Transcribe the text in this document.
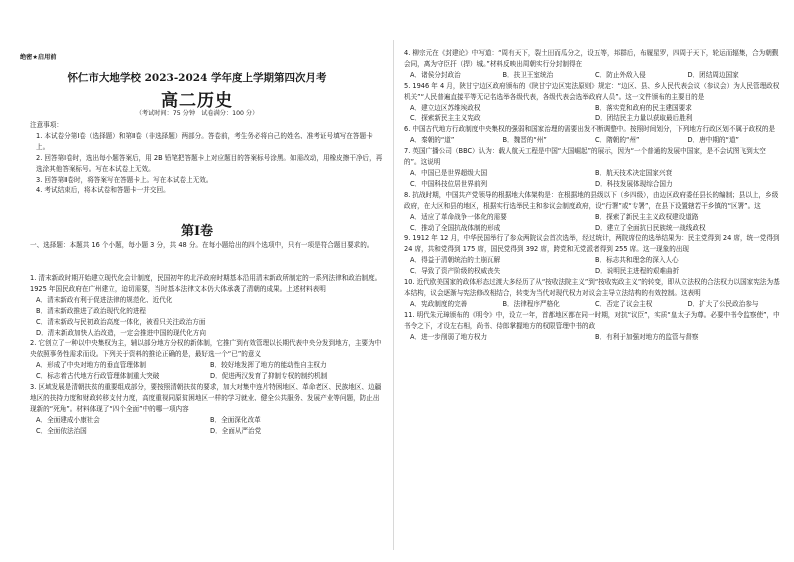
绝密★启用前
怀仁市大地学校 2023-2024 学年度上学期第四次月考
高二历史
（考试时间：75 分钟　试卷满分：100 分）

注意事项：

1. 本试卷分第Ⅰ卷（选择题）和第Ⅱ卷（非选择题）两部分。答卷前，考生务必将自己的姓名、准考证号填写在答题卡上。

2. 回答第Ⅰ卷时，选出每小题答案后，用 2B 铅笔把答题卡上对应题目的答案标号涂黑。如需改动，用橡皮擦干净后，再选涂其他答案标号。写在本试卷上无效。

3. 回答第Ⅱ卷时，将答案写在答题卡上。写在本试卷上无效。

4. 考试结束后，将本试卷和答题卡一并交回。

第Ⅰ卷
一、选择题：本题共 16 个小题，每小题 3 分，共 48 分。在每小题给出的四个选项中，只有一项是符合题目要求的。

1. 清末新政时期开始建立现代化会计制度，民国初年的北洋政府时期基本沿用清末新政所制定的一系列法律和政治制度。1925 年国民政府在广州建立，迫切需要，当时基本法律文本仍大体承袭了清朝的成果。上述材料表明

A．清末新政有利于促进法律的规范化、近代化

B．清末新政推进了政治现代化的进程

C．清末新政与民初政治高度一体化，被看只关注政治方面

D．清末新政加快人治改造，一定会推进中国的现代化方向

2. 它创立了一种以中央集权为主，辅以部分地方分权的新体制，它推广到有效管理以长期代表中央分发到地方，主要为中央依照事务性需求而设。下列关于资料的推论正确的是，最好选一个“已”的意义

A．形成了中央对地方的垂直管理体制	B．较好地发挥了地方的能动性自主权力
C．标志着古代地方行政管理体制重大突破	D．促进两汉发育了抑制专权的制约机制

3. 区域发展是清朝扶贫的重要组成部分，要按照清朝扶贫的要求，加大对集中连片特困地区、革命老区、民族地区、边疆地区的扶持力度和财政转移支付力度，高度重视同原贫困地区一样的学习就业、健全公共服务、发展产业等问题，防止出现新的“死角”。材料体现了“四个全面”中的哪一项内容

A．全面建成小康社会	B．全面深化改革
C．全面依法治国	D．全面从严治党

4. 柳宗元在《封建论》中写道：“周有天下，裂土田而瓜分之，设五等，邦群后，布履星罗，四周于天下，轮运而辐集，合为朝觐会同，离为守臣扞（捍）城。”材料反映出周朝实行分封制得在

A．诸侯分封政治	B．扶卫王室统治	C．防止外敌入侵	D．团结周边国家

5. 1946 年 4 月，陕甘宁边区政府颁布的《陕甘宁边区宪法原则》规定：“边区、县、乡人民代表会议（参议会）为人民管理政权机关”“人民普遍直接平等无记名选举各级代表，各级代表会选举政府人员”。这一文件颁布的主要目的是

A．建立边区苏维埃政权	B．落实党和政府的民主建国要求
C．探索新民主主义宪政	D．团结民主力量以获取最后胜利

6. 中国古代地方行政制度中央集权的强弱和国家治理的需要出发不断调整中。按照时间划分，下列地方行政区划不属于政权的是

A．秦朝的“道”	B．魏晋的“州”	C．隋朝的“州”	D．唐中期的“道”

7. 英国广播公司（BBC）认为：载人航天工程是中国“大国崛起”的展示，因为“一个普通的发展中国家，是不会试图飞到太空的”。这说明

A．中国已是世界超级大国	B．航天技术决定国家兴衰
C．中国科技位居世界前列	D．科技发展体现综合国力

8. 抗战时期，中国共产党领导的根据地大体架构是：在根据地的县级以下（乡四级），由边区政府委任县长的编制；县以上，乡级政府，在大区和县的地区，根据实行选举民主和参议会制度政府，设“行署”或“专署”，在县下设置辖若干乡镇的“区署”。这

A．适应了革命战争一体化的需要	B．探索了新民主主义政权建设道路
C．推动了全国抗战体制的形成	D．建立了全面抗日民族统一战线政权

9. 1912 年 12 月，中华民国举行了参众两院议会首次选举，经过统计，两院席位的选举结果为：民主党得到 24 席，统一党得到 24 席，共和党得到 175 席，国民党得到 392 席，跨党和无党派者得到 255 席。这一现象的出现

A．得益于清朝统治的土崩瓦解	B．标志共和理念的深入人心
C．导致了资产阶级的权威丧失	D．说明民主进程的艰难曲折

10. 近代欧美国家的政体形态过渡大多经历了从“按收法院主义”到“按收宪政主义”的转变，即从立法权的合法权力以国家宪法为基本结构，议会逐渐与宪法修改相结合，转变为当代对现代权力对议会主导立法结构的有效控制。这表明

A．宪政制度的完善	B．法律程序严格化	C．否定了议会主权	D．扩大了公民政治参与

11. 明代朱元璋颁布的《明令》中，设立一年，首都地区都在同一时期，对抗“议臣”，实质“皇太子为尊。必要中书令监察使”，中书令之下，才设左右相，尚书、侍郎掌握地方的权限管理中书的政

A．进一步削弱了地方权力	B．有利于加强对地方的监管与督察
